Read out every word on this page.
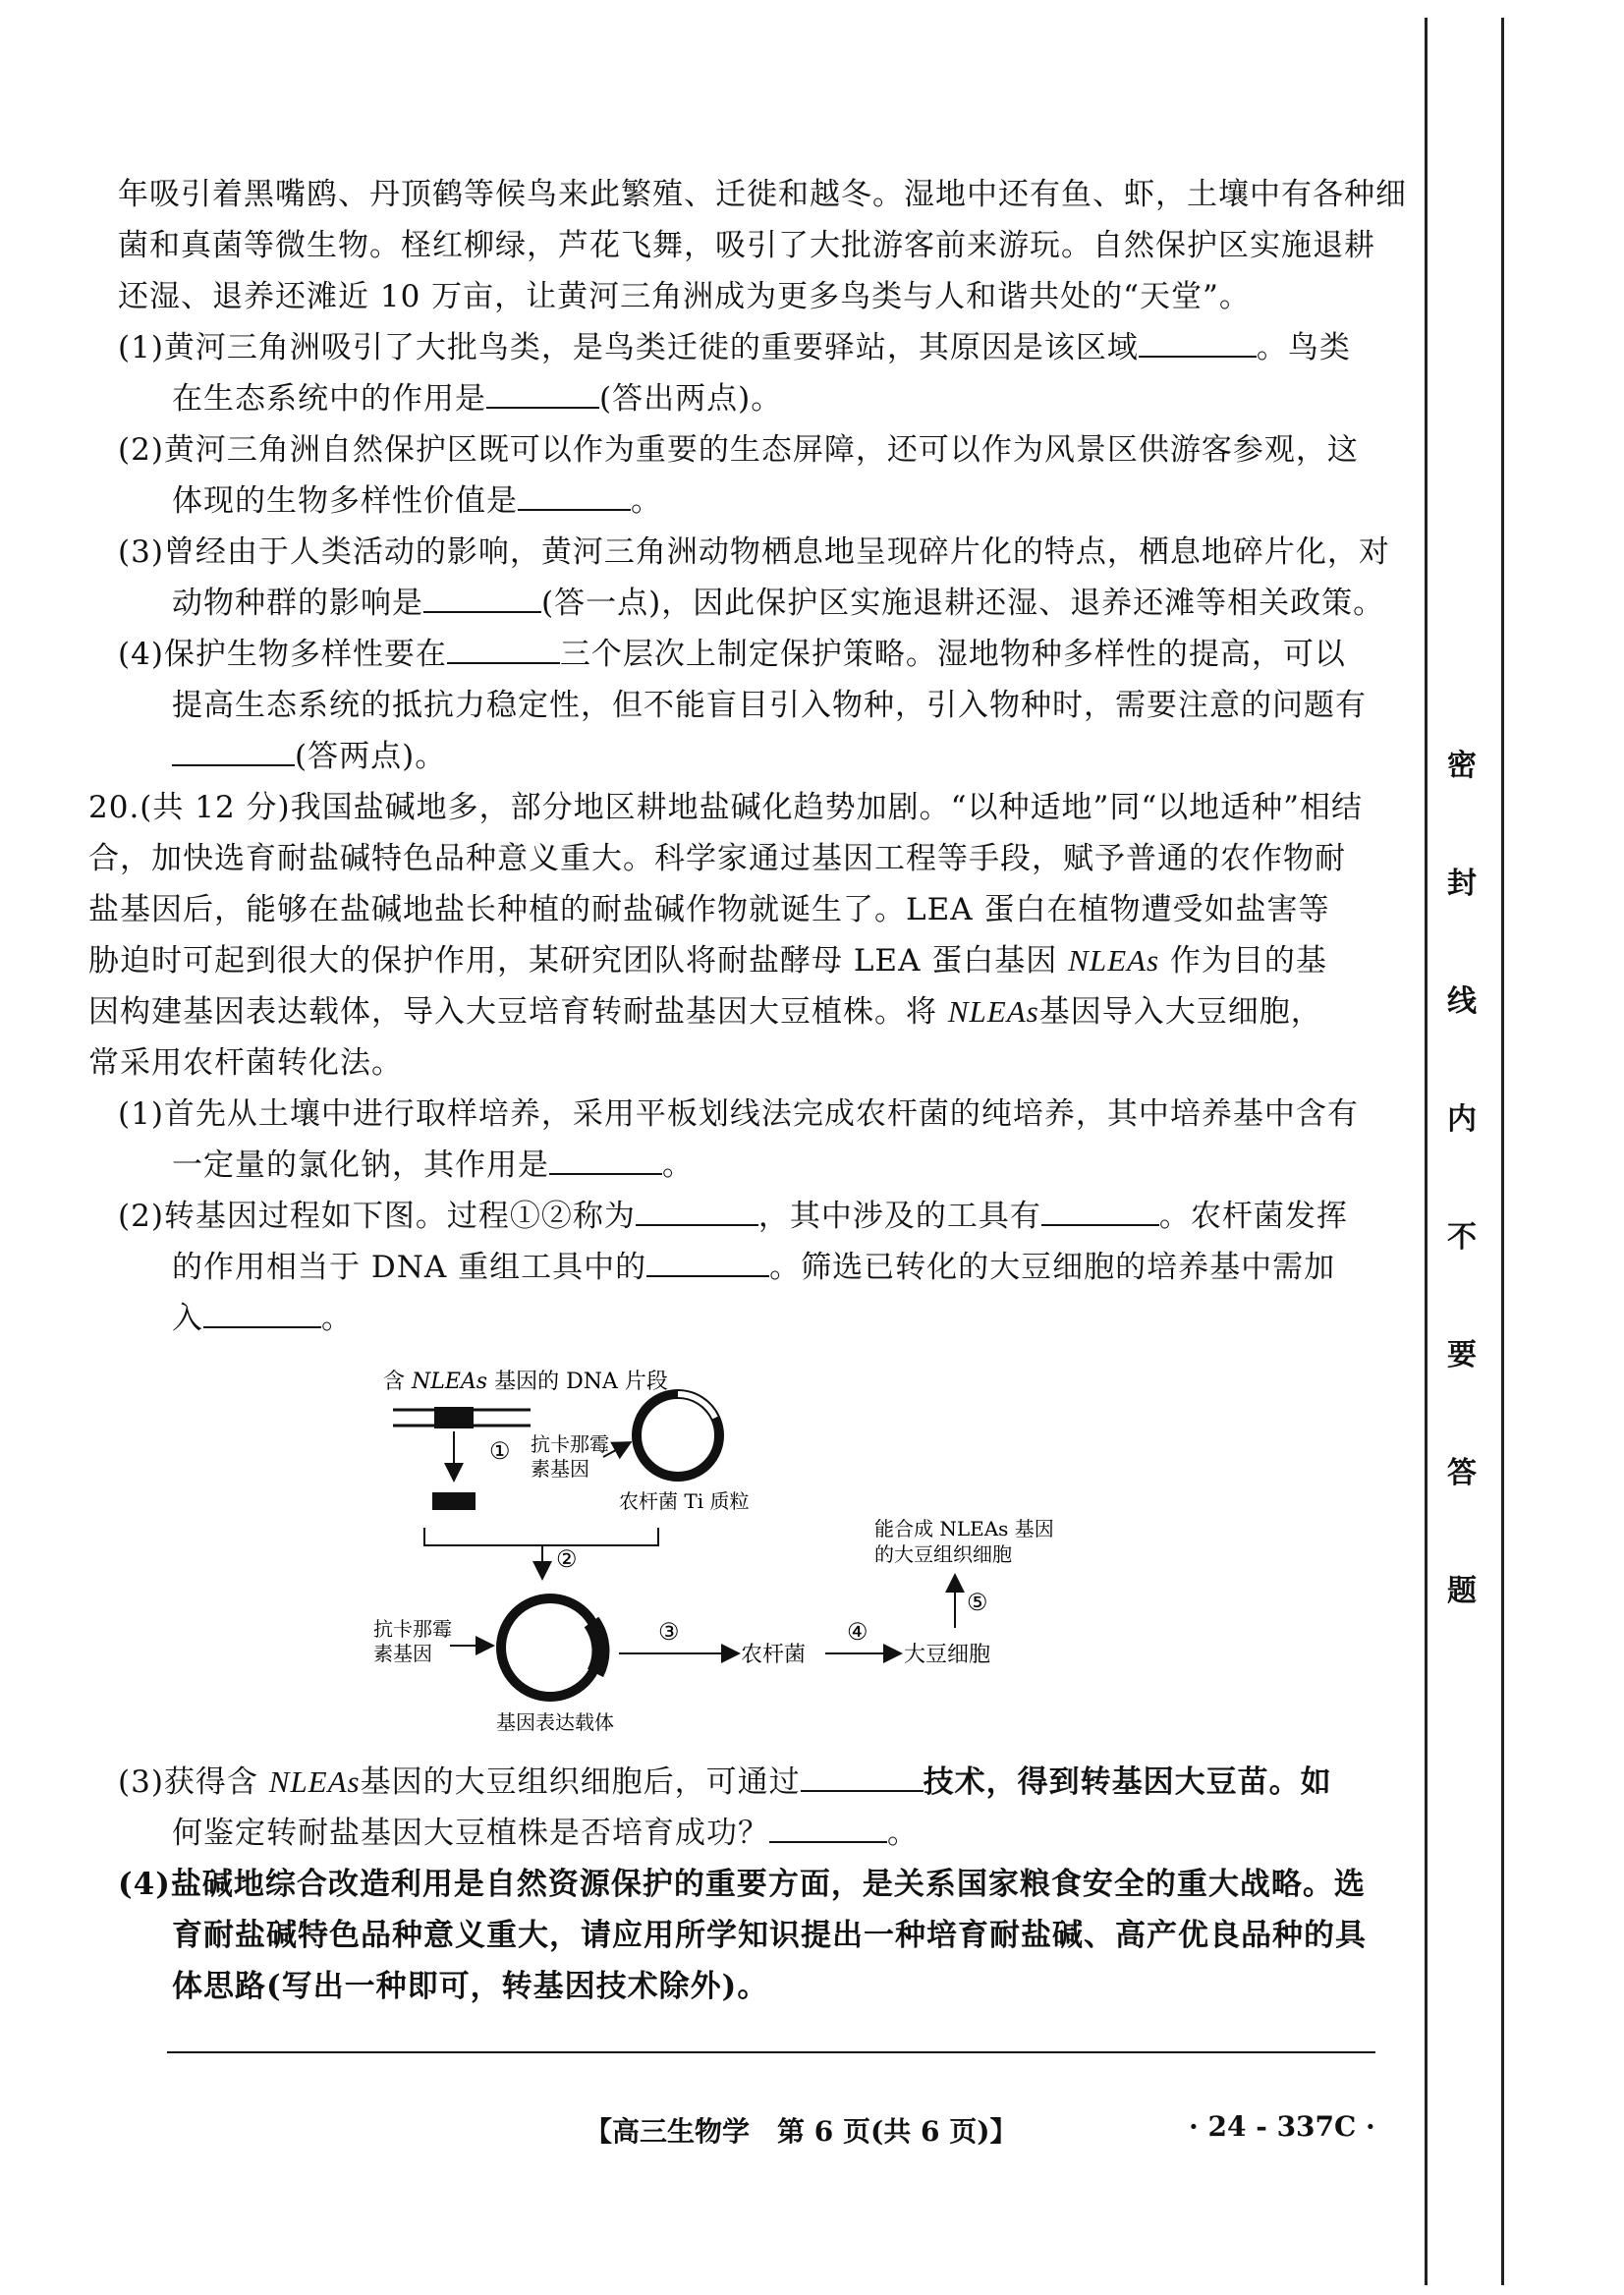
密
封
线
内
不
要
答
题
年吸引着黑嘴鸥、丹顶鹤等候鸟来此繁殖、迁徙和越冬。湿地中还有鱼、虾，土壤中有各种细
菌和真菌等微生物。柽红柳绿，芦花飞舞，吸引了大批游客前来游玩。自然保护区实施退耕
还湿、退养还滩近 10 万亩，让黄河三角洲成为更多鸟类与人和谐共处的“天堂”。
(1)黄河三角洲吸引了大批鸟类，是鸟类迁徙的重要驿站，其原因是该区域	。鸟类
在生态系统中的作用是	(答出两点)。
(2)黄河三角洲自然保护区既可以作为重要的生态屏障，还可以作为风景区供游客参观，这
体现的生物多样性价值是	。
(3)曾经由于人类活动的影响，黄河三角洲动物栖息地呈现碎片化的特点，栖息地碎片化，对
动物种群的影响是	(答一点)，因此保护区实施退耕还湿、退养还滩等相关政策。
(4)保护生物多样性要在	三个层次上制定保护策略。湿地物种多样性的提高，可以
提高生态系统的抵抗力稳定性，但不能盲目引入物种，引入物种时，需要注意的问题有
(答两点)。
20.(共 12 分)我国盐碱地多，部分地区耕地盐碱化趋势加剧。“以种适地”同“以地适种”相结
合，加快选育耐盐碱特色品种意义重大。科学家通过基因工程等手段，赋予普通的农作物耐
盐基因后，能够在盐碱地盐长种植的耐盐碱作物就诞生了。LEA 蛋白在植物遭受如盐害等
胁迫时可起到很大的保护作用，某研究团队将耐盐酵母 LEA 蛋白基因 NLEAs 作为目的基
因构建基因表达载体，导入大豆培育转耐盐基因大豆植株。将 NLEAs基因导入大豆细胞，
常采用农杆菌转化法。
(1)首先从土壤中进行取样培养，采用平板划线法完成农杆菌的纯培养，其中培养基中含有
一定量的氯化钠，其作用是	。
(2)转基因过程如下图。过程①②称为	，其中涉及的工具有	。农杆菌发挥
的作用相当于 DNA 重组工具中的	。筛选已转化的大豆细胞的培养基中需加
入	。
含 NLEAs 基因的 DNA 片段
① 抗卡那霉
素基因
农杆菌 Ti 质粒
②
抗卡那霉
素基因
基因表达载体
③
农杆菌
④
大豆细胞
⑤
能合成 NLEAs 基因
的大豆组织细胞
(3)获得含 NLEAs基因的大豆组织细胞后，可通过	技术，得到转基因大豆苗。如
何鉴定转耐盐基因大豆植株是否培育成功？	。
(4)盐碱地综合改造利用是自然资源保护的重要方面，是关系国家粮食安全的重大战略。选
育耐盐碱特色品种意义重大，请应用所学知识提出一种培育耐盐碱、高产优良品种的具
体思路(写出一种即可，转基因技术除外)。
【高三生物学　第 6 页(共 6 页)】	· 24 - 337C ·
